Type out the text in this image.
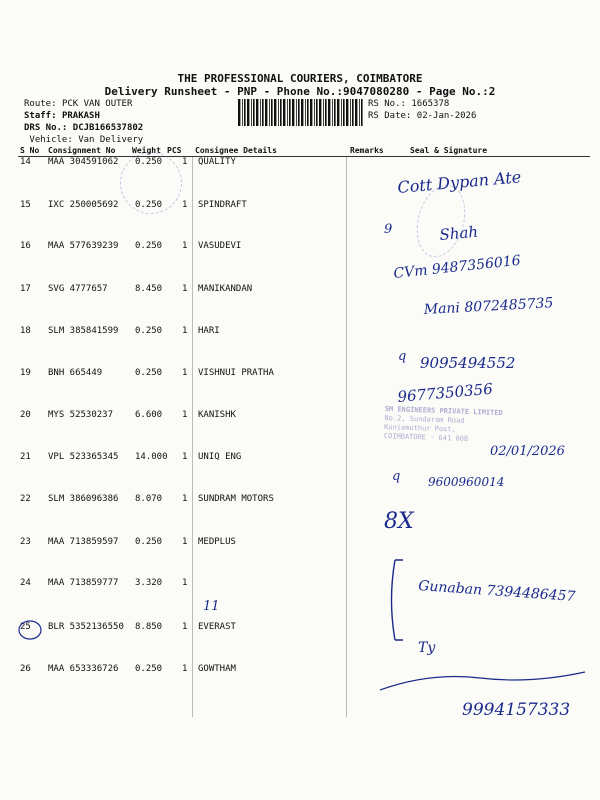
THE PROFESSIONAL COURIERS, COIMBATORE
Delivery Runsheet - PNP - Phone No.:9047080280 - Page No.:2
Route: PCK VAN OUTER
Staff: PRAKASH
DRS No.: DCJB166537802
Vehicle: Van Delivery
RS No.: 1665378
RS Date: 02-Jan-2026
S No Consignment No Weight PCS Consignee Details	Remarks	Seal & Signature
14 MAA 304591062 0.250 1 QUALITY
15 IXC 250005692 0.250 1 SPINDRAFT
16 MAA 577639239 0.250 1 VASUDEVI
17 SVG 4777657	8.450 1 MANIKANDAN
18 SLM 385841599 0.250 1 HARI
19 BNH 665449	0.250 1 VISHNUI PRATHA
20 MYS 52530237 6.600 1 KANISHK
21 VPL 523365345 14.000 1 UNIQ ENG
22 SLM 386096386 8.070 1 SUNDRAM MOTORS
23 MAA 713859597 0.250 1 MEDPLUS
24 MAA 713859777 3.320 1
25 BLR 5352136550 8.850 1 EVERAST
26 MAA 653336726 0.250 1 GOWTHAM
SM ENGINEERS PRIVATE LIMITED
No.2, Sundaram Road
Kuniamuthur Post,
COIMBATORE - 641 008
Cott Dypan Ate
9	Shah
CVm 9487356016
Mani 8072485735
q 9095494552
9677350356
02/01/2026
q 9600960014
8X
Gunaban 7394486457
11
Ty
9994157333
